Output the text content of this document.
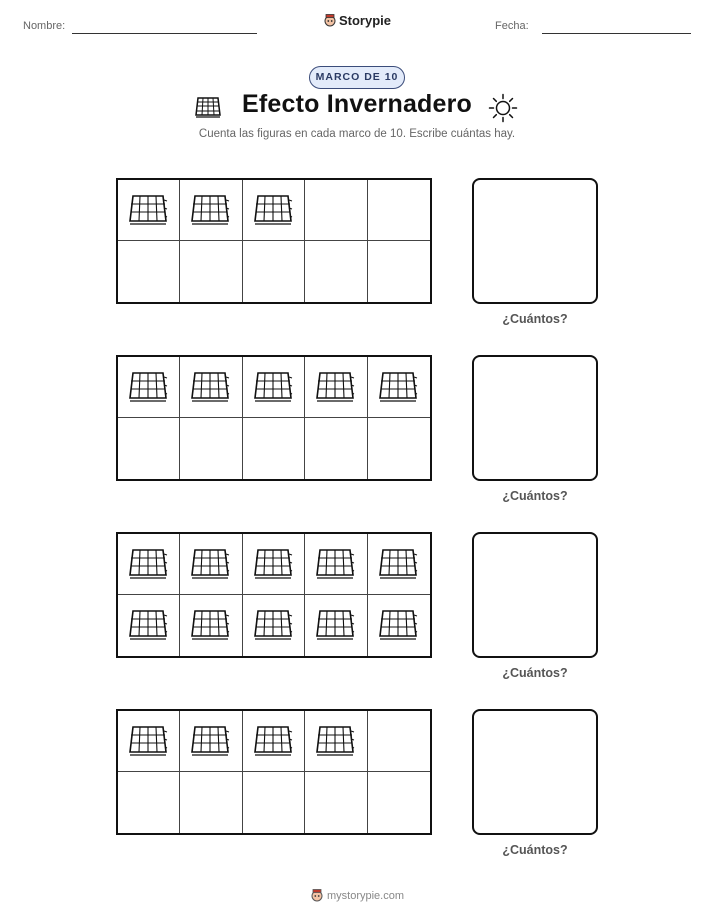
Nombre:	Storypie	Fecha:
MARCO DE 10
Efecto Invernadero
Cuenta las figuras en cada marco de 10. Escribe cuántas hay.
¿Cuántos?
¿Cuántos?
¿Cuántos?
¿Cuántos?
mystorypie.com
